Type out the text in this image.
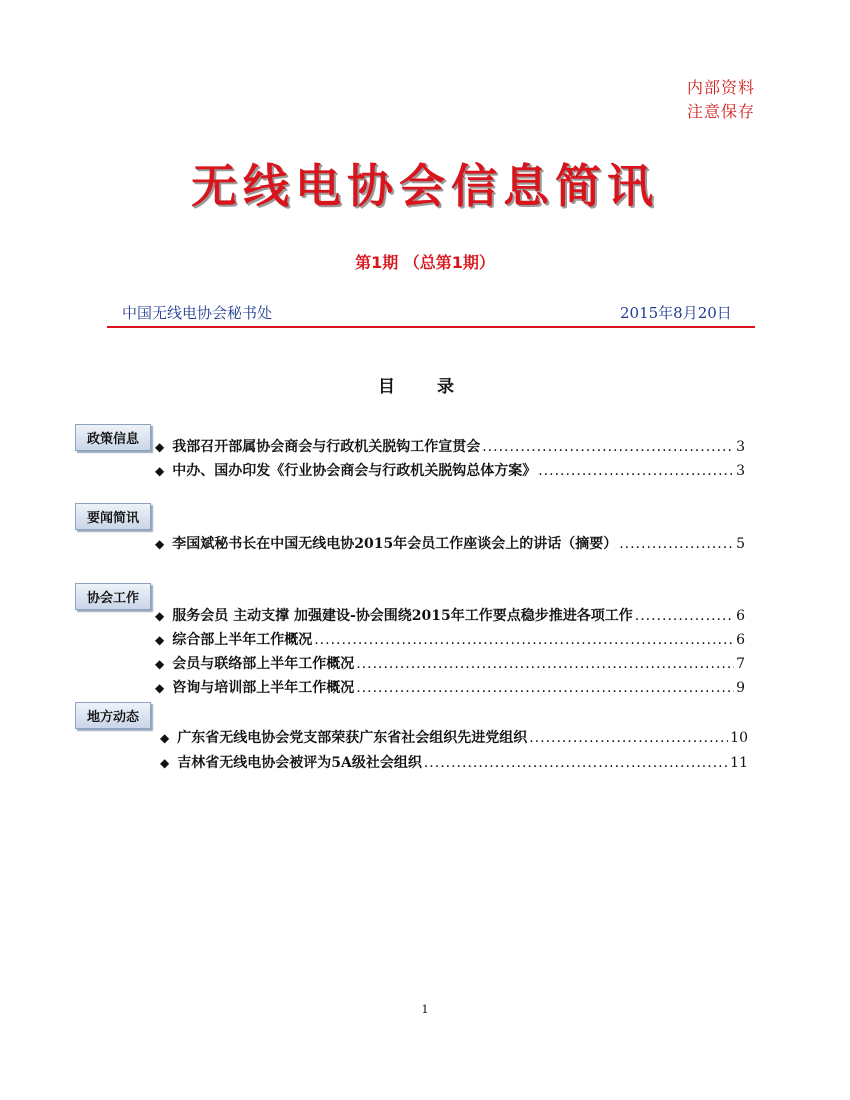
内部资料
注意保存
无线电协会信息简讯
第1期 （总第1期）
中国无线电协会秘书处	2015年8月20日
目 录
政策信息	◆ 我部召开部属协会商会与行政机关脱钩工作宣贯会 .....	3
◆ 中办、国办印发《行业协会商会与行政机关脱钩总体方案》 .....	3
要闻简讯
◆ 李国斌秘书长在中国无线电协2015年会员工作座谈会上的讲话（摘要） .....	5
协会工作
◆ 服务会员 主动支撑 加强建设-协会围绕2015年工作要点稳步推进各项工作 .....	6
◆ 综合部上半年工作概况 .....	6
◆ 会员与联络部上半年工作概况 .....	7
◆ 咨询与培训部上半年工作概况 .....	9
地方动态
◆ 广东省无线电协会党支部荣获广东省社会组织先进党组织 .....	10
◆ 吉林省无线电协会被评为5A级社会组织 .....	11
1
